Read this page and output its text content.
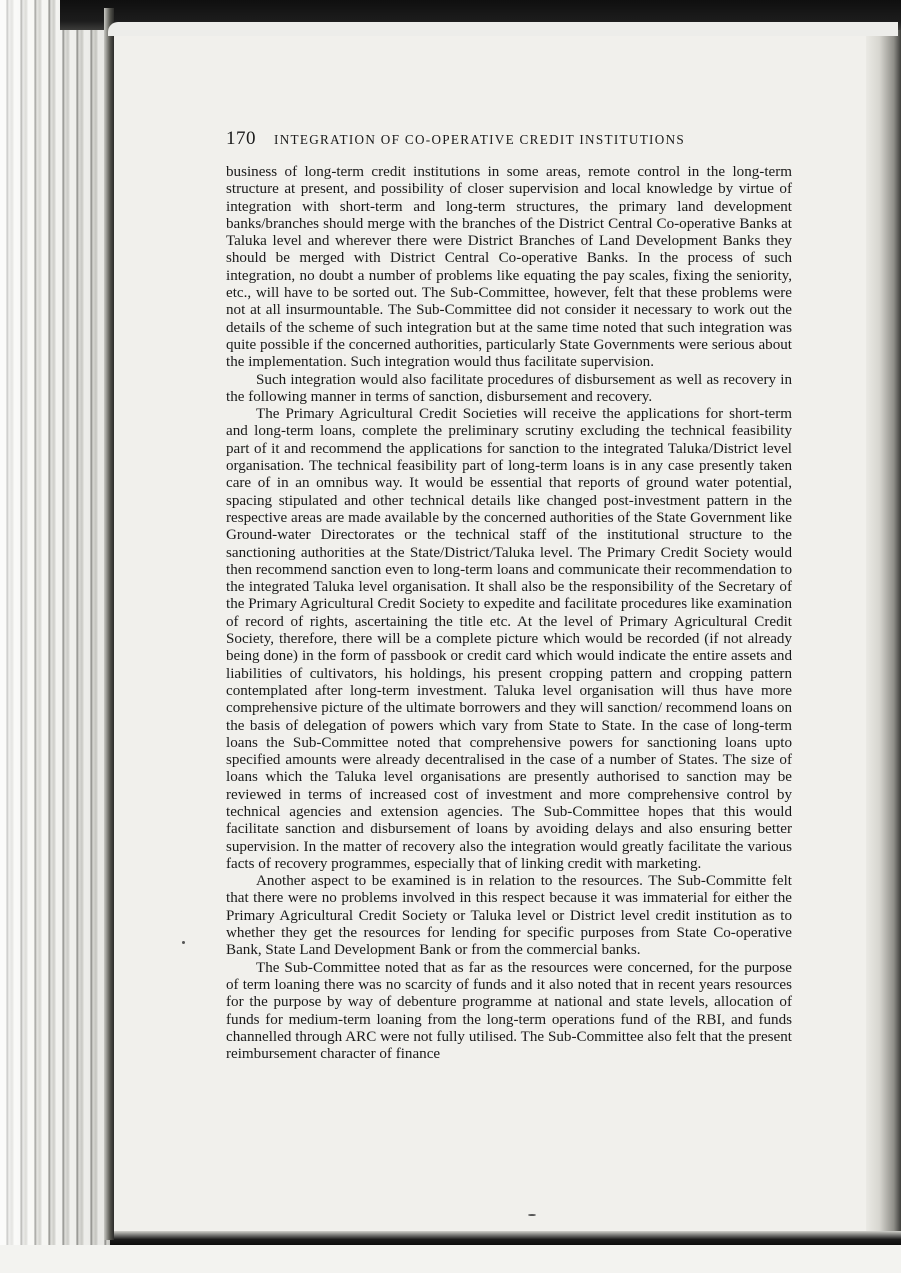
170 INTEGRATION OF CO-OPERATIVE CREDIT INSTITUTIONS

business of long-term credit institutions in some areas, remote control in the long-term structure at present, and possibility of closer supervision and local knowledge by virtue of integration with short-term and long-term structures, the primary land development banks/branches should merge with the branches of the District Central Co-operative Banks at Taluka level and wherever there were District Branches of Land Development Banks they should be merged with District Central Co-operative Banks. In the process of such integration, no doubt a number of problems like equating the pay scales, fixing the seniority, etc., will have to be sorted out. The Sub-Committee, however, felt that these problems were not at all insurmountable. The Sub-Committee did not consider it necessary to work out the details of the scheme of such integration but at the same time noted that such integration was quite possible if the concerned authorities, particularly State Governments were serious about the implementation. Such integration would thus facilitate supervision.

Such integration would also facilitate procedures of disbursement as well as recovery in the following manner in terms of sanction, disbursement and recovery.

The Primary Agricultural Credit Societies will receive the applications for short-term and long-term loans, complete the preliminary scrutiny excluding the technical feasibility part of it and recommend the applications for sanction to the integrated Taluka/District level organisation. The technical feasibility part of long-term loans is in any case presently taken care of in an omnibus way. It would be essential that reports of ground water potential, spacing stipulated and other technical details like changed post-investment pattern in the respective areas are made available by the concerned authorities of the State Government like Ground-water Directorates or the technical staff of the institutional structure to the sanctioning authorities at the State/District/Taluka level. The Primary Credit Society would then recommend sanction even to long-term loans and communicate their recommendation to the integrated Taluka level organisation. It shall also be the responsibility of the Secretary of the Primary Agricultural Credit Society to expedite and facilitate procedures like examination of record of rights, ascertaining the title etc. At the level of Primary Agricultural Credit Society, therefore, there will be a complete picture which would be recorded (if not already being done) in the form of passbook or credit card which would indicate the entire assets and liabilities of cultivators, his holdings, his present cropping pattern and cropping pattern contemplated after long-term investment. Taluka level organisation will thus have more comprehensive picture of the ultimate borrowers and they will sanction/ recommend loans on the basis of delegation of powers which vary from State to State. In the case of long-term loans the Sub-Committee noted that comprehensive powers for sanctioning loans upto specified amounts were already decentralised in the case of a number of States. The size of loans which the Taluka level organisations are presently authorised to sanction may be reviewed in terms of increased cost of investment and more comprehensive control by technical agencies and extension agencies. The Sub-Committee hopes that this would facilitate sanction and disbursement of loans by avoiding delays and also ensuring better supervision. In the matter of recovery also the integration would greatly facilitate the various facts of recovery programmes, especially that of linking credit with marketing.

Another aspect to be examined is in relation to the resources. The Sub-Committe felt that there were no problems involved in this respect because it was immaterial for either the Primary Agricultural Credit Society or Taluka level or District level credit institution as to whether they get the resources for lending for specific purposes from State Co-operative Bank, State Land Development Bank or from the commercial banks.

The Sub-Committee noted that as far as the resources were concerned, for the purpose of term loaning there was no scarcity of funds and it also noted that in recent years resources for the purpose by way of debenture programme at national and state levels, allocation of funds for medium-term loaning from the long-term operations fund of the RBI, and funds channelled through ARC were not fully utilised. The Sub-Committee also felt that the present reimbursement character of finance
